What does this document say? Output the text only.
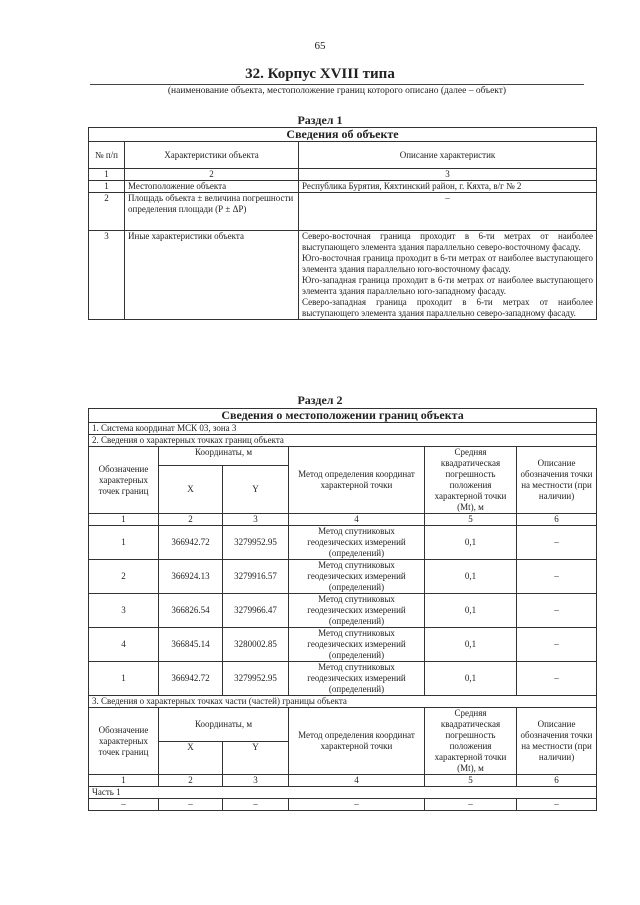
65
32. Корпус XVIII типа
(наименование объекта, местоположение границ которого описано (далее – объект)
Раздел 1
Сведения об объекте		
№ п/п	Характеристики объекта	Описание характеристик
1	2	3
1	Местоположение объекта	Республика Бурятия, Кяхтинский район, г. Кяхта, в/г № 2
2	Площадь объекта ± величина погрешности определения площади (Р ± ΔР)	–
3	Иные характеристики объекта	Северо-восточная граница проходит в 6-ти метрах от наиболее выступающего элемента здания параллельно северо-восточному фасаду.
Юго-восточная граница проходит в 6-ти метрах от наиболее выступающего элемента здания параллельно юго-восточному фасаду.
Юго-западная граница проходит в 6-ти метрах от наиболее выступающего элемента здания параллельно юго-западному фасаду.
Северо-западная граница проходит в 6-ти метрах от наиболее выступающего элемента здания параллельно северо-западному фасаду.
Раздел 2
Сведения о местоположении границ объекта					
1. Система координат МСК 03, зона 3					
2. Сведения о характерных точках границ объекта					
Обозначение характерных точек границ	Координаты, м		Метод определения координат характерной точки	Средняя квадратическая погрешность положения характерной точки (Mt), м	Описание обозначения точки на местности (при наличии)
	X	Y			
1	2	3	4	5	6
1	366942.72	3279952.95	Метод спутниковых геодезических измерений (определений)	0,1	–
2	366924.13	3279916.57	Метод спутниковых геодезических измерений (определений)	0,1	–
3	366826.54	3279966.47	Метод спутниковых геодезических измерений (определений)	0,1	–
4	366845.14	3280002.85	Метод спутниковых геодезических измерений (определений)	0,1	–
1	366942.72	3279952.95	Метод спутниковых геодезических измерений (определений)	0,1	–
3. Сведения о характерных точках части (частей) границы объекта					
Обозначение характерных точек границ	Координаты, м		Метод определения координат характерной точки	Средняя квадратическая погрешность положения характерной точки (Mt), м	Описание обозначения точки на местности (при наличии)
	X	Y			
1	2	3	4	5	6
Часть 1					
–	–	–	–	–	–
